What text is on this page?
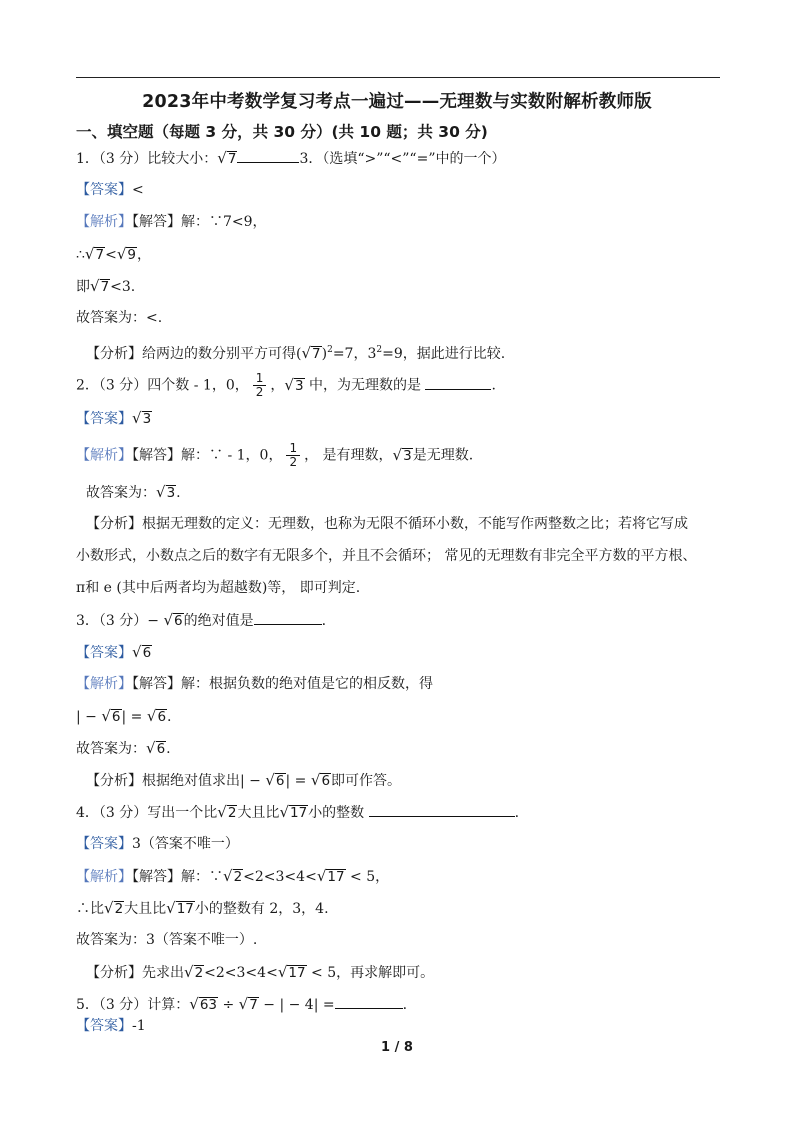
2023年中考数学复习考点一遍过——无理数与实数附解析教师版
一、填空题（每题 3 分，共 30 分）(共 10 题；共 30 分)
1．（3 分）比较大小：√7	3．（选填“>”“<”“=”中的一个）
【答案】<
【解析】【解答】解：∵7<9，
∴√7<√9，
即√7<3.
故答案为：<.
【分析】给两边的数分别平方可得$(√7)^2=7$，$3^2=9$，据此进行比较.
2．（3 分）四个数 - 1，0， $\frac{1}{2}$ ，√3 中，为无理数的是	.
【答案】√3
【解析】【解答】解：∵ - 1，0， $\frac{1}{2}$ ， 是有理数，√3是无理数.
故答案为：√3.
【分析】根据无理数的定义：无理数，也称为无限不循环小数，不能写作两整数之比；若将它写成
小数形式，小数点之后的数字有无限多个，并且不会循环； 常见的无理数有非完全平方数的平方根、
π和 e (其中后两者均为超越数)等， 即可判定.
3．（3 分）− √6的绝对值是	.
【答案】√6
【解析】【解答】解：根据负数的绝对值是它的相反数，得
| − √6| = √6.
故答案为：√6.
【分析】根据绝对值求出| − √6| = √6即可作答。
4．（3 分）写出一个比√2大且比√17小的整数	.
【答案】3（答案不唯一）
【解析】【解答】解：∵√2<2<3<4<√17 < 5，
∴比√2大且比√17小的整数有 2，3，4.
故答案为：3（答案不唯一）.
【分析】先求出√2<2<3<4<√17 < 5，再求解即可。
5．（3 分）计算：√63 ÷ √7 − | − 4| =	.
【答案】-1
1 / 8
